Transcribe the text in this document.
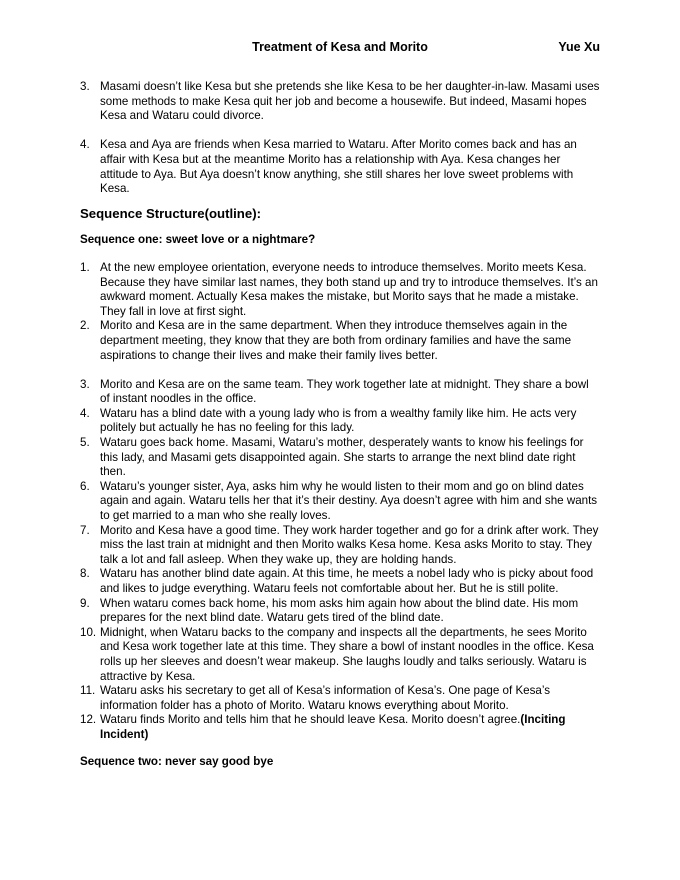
Treatment of Kesa and Morito	Yue Xu
3. Masami doesn’t like Kesa but she pretends she like Kesa to be her daughter-in-law. Masami uses some methods to make Kesa quit her job and become a housewife. But indeed, Masami hopes Kesa and Wataru could divorce.
4. Kesa and Aya are friends when Kesa married to Wataru. After Morito comes back and has an affair with Kesa but at the meantime Morito has a relationship with Aya. Kesa changes her attitude to Aya. But Aya doesn’t know anything, she still shares her love sweet problems with Kesa.
Sequence Structure(outline):
Sequence one: sweet love or a nightmare?
1. At the new employee orientation, everyone needs to introduce themselves. Morito meets Kesa. Because they have similar last names, they both stand up and try to introduce themselves. It’s an awkward moment. Actually Kesa makes the mistake, but Morito says that he made a mistake. They fall in love at first sight.
2. Morito and Kesa are in the same department. When they introduce themselves again in the department meeting, they know that they are both from ordinary families and have the same aspirations to change their lives and make their family lives better.
3. Morito and Kesa are on the same team. They work together late at midnight. They share a bowl of instant noodles in the office.
4. Wataru has a blind date with a young lady who is from a wealthy family like him. He acts very politely but actually he has no feeling for this lady.
5. Wataru goes back home. Masami, Wataru’s mother, desperately wants to know his feelings for this lady, and Masami gets disappointed again. She starts to arrange the next blind date right then.
6. Wataru’s younger sister, Aya, asks him why he would listen to their mom and go on blind dates again and again. Wataru tells her that it’s their destiny. Aya doesn’t agree with him and she wants to get married to a man who she really loves.
7. Morito and Kesa have a good time. They work harder together and go for a drink after work. They miss the last train at midnight and then Morito walks Kesa home. Kesa asks Morito to stay. They talk a lot and fall asleep. When they wake up, they are holding hands.
8. Wataru has another blind date again. At this time, he meets a nobel lady who is picky about food and likes to judge everything. Wataru feels not comfortable about her. But he is still polite.
9. When wataru comes back home, his mom asks him again how about the blind date. His mom prepares for the next blind date. Wataru gets tired of the blind date.
10. Midnight, when Wataru backs to the company and inspects all the departments, he sees Morito and Kesa work together late at this time. They share a bowl of instant noodles in the office. Kesa rolls up her sleeves and doesn’t wear makeup. She laughs loudly and talks seriously. Wataru is attractive by Kesa.
11. Wataru asks his secretary to get all of Kesa’s information of Kesa’s. One page of Kesa’s information folder has a photo of Morito. Wataru knows everything about Morito.
12. Wataru finds Morito and tells him that he should leave Kesa. Morito doesn’t agree.(Inciting Incident)
Sequence two: never say good bye
